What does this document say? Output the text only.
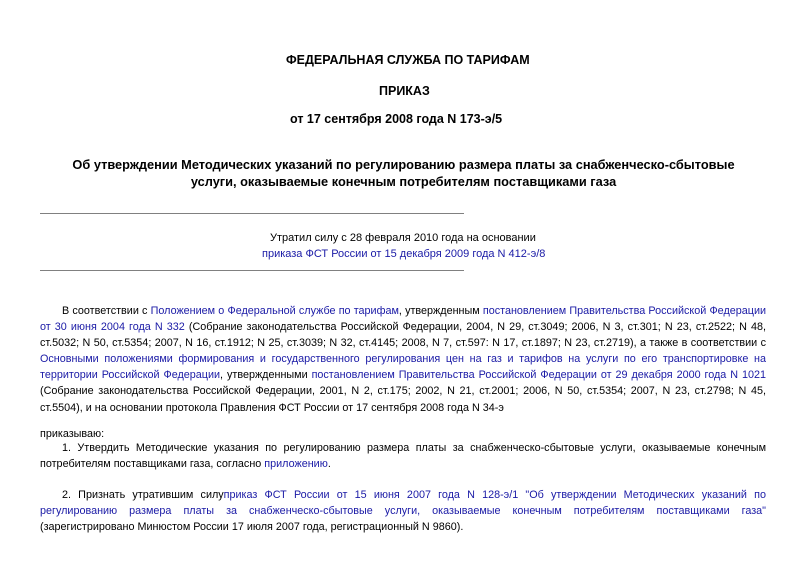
ФЕДЕРАЛЬНАЯ СЛУЖБА ПО ТАРИФАМ
ПРИКАЗ
от 17 сентября 2008 года N 173-э/5
Об утверждении Методических указаний по регулированию размера платы за снабженческо-сбытовые
услуги, оказываемые конечным потребителям поставщиками газа
Утратил силу с 28 февраля 2010 года на основании
приказа ФСТ России от 15 декабря 2009 года N 412-э/8
В соответствии с Положением о Федеральной службе по тарифам, утвержденным постановлением Правительства Российской Федерации от 30 июня 2004 года N 332 (Собрание законодательства Российской Федерации, 2004, N 29, ст.3049; 2006, N 3, ст.301; N 23, ст.2522; N 48, ст.5032; N 50, ст.5354; 2007, N 16, ст.1912; N 25, ст.3039; N 32, ст.4145; 2008, N 7, ст.597: N 17, ст.1897; N 23, ст.2719), а также в соответствии с Основными положениями формирования и государственного регулирования цен на газ и тарифов на услуги по его транспортировке на территории Российской Федерации, утвержденными постановлением Правительства Российской Федерации от 29 декабря 2000 года N 1021 (Собрание законодательства Российской Федерации, 2001, N 2, ст.175; 2002, N 21, ст.2001; 2006, N 50, ст.5354; 2007, N 23, ст.2798; N 45, ст.5504), и на основании протокола Правления ФСТ России от 17 сентября 2008 года N 34-э
приказываю:
1. Утвердить Методические указания по регулированию размера платы за снабженческо-сбытовые услуги, оказываемые конечным потребителям поставщиками газа, согласно приложению.
2. Признать утратившим силуприказ ФСТ России от 15 июня 2007 года N 128-э/1 "Об утверждении Методических указаний по регулированию размера платы за снабженческо-сбытовые услуги, оказываемые конечным потребителям поставщиками газа" (зарегистрировано Минюстом России 17 июля 2007 года, регистрационный N 9860).
